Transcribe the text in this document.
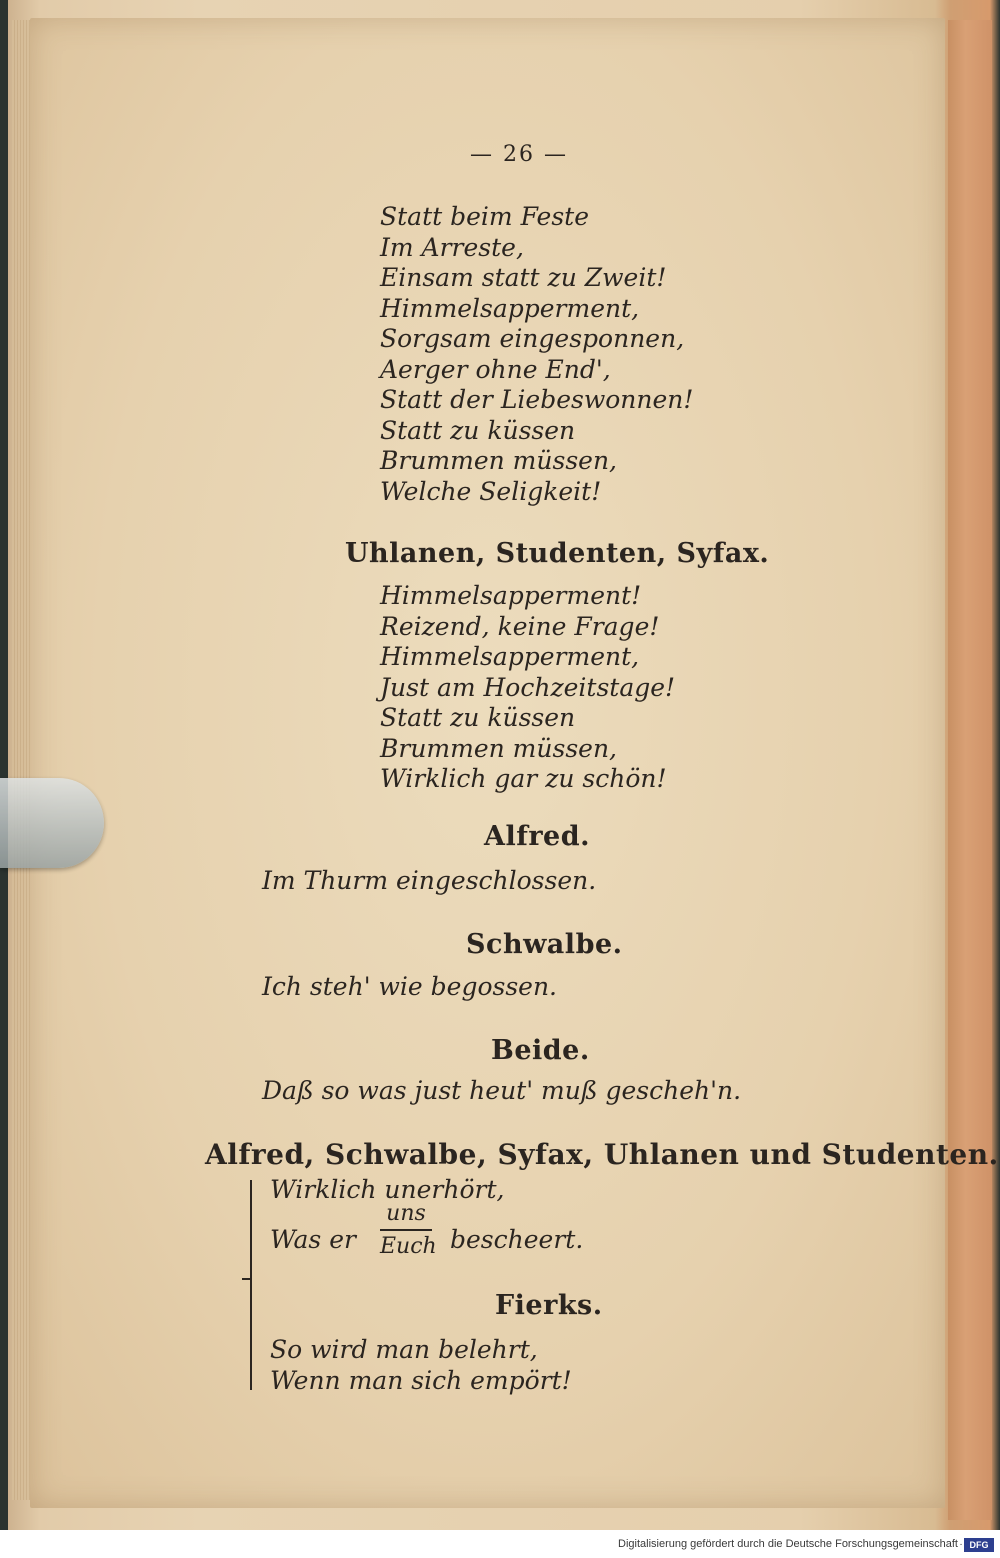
— 26 —
Statt beim Feste
Im Arreste,
Einsam statt zu Zweit!
Himmelsapperment,
Sorgsam eingesponnen,
Aerger ohne End',
Statt der Liebeswonnen!
Statt zu küssen
Brummen müssen,
Welche Seligkeit!
Uhlanen, Studenten, Syfax.
Himmelsapperment!
Reizend, keine Frage!
Himmelsapperment,
Just am Hochzeitstage!
Statt zu küssen
Brummen müssen,
Wirklich gar zu schön!
Alfred.
Im Thurm eingeschlossen.
Schwalbe.
Ich steh' wie begossen.
Beide.
Daß so was just heut' muß gescheh'n.
Alfred, Schwalbe, Syfax, Uhlanen und Studenten.
Wirklich unerhört,
Was er
uns
Euch bescheert.
Fierks.
So wird man belehrt,
Wenn man sich empört!
Digitalisierung gefördert durch die Deutsche Forschungsgemeinschaft · DFG
